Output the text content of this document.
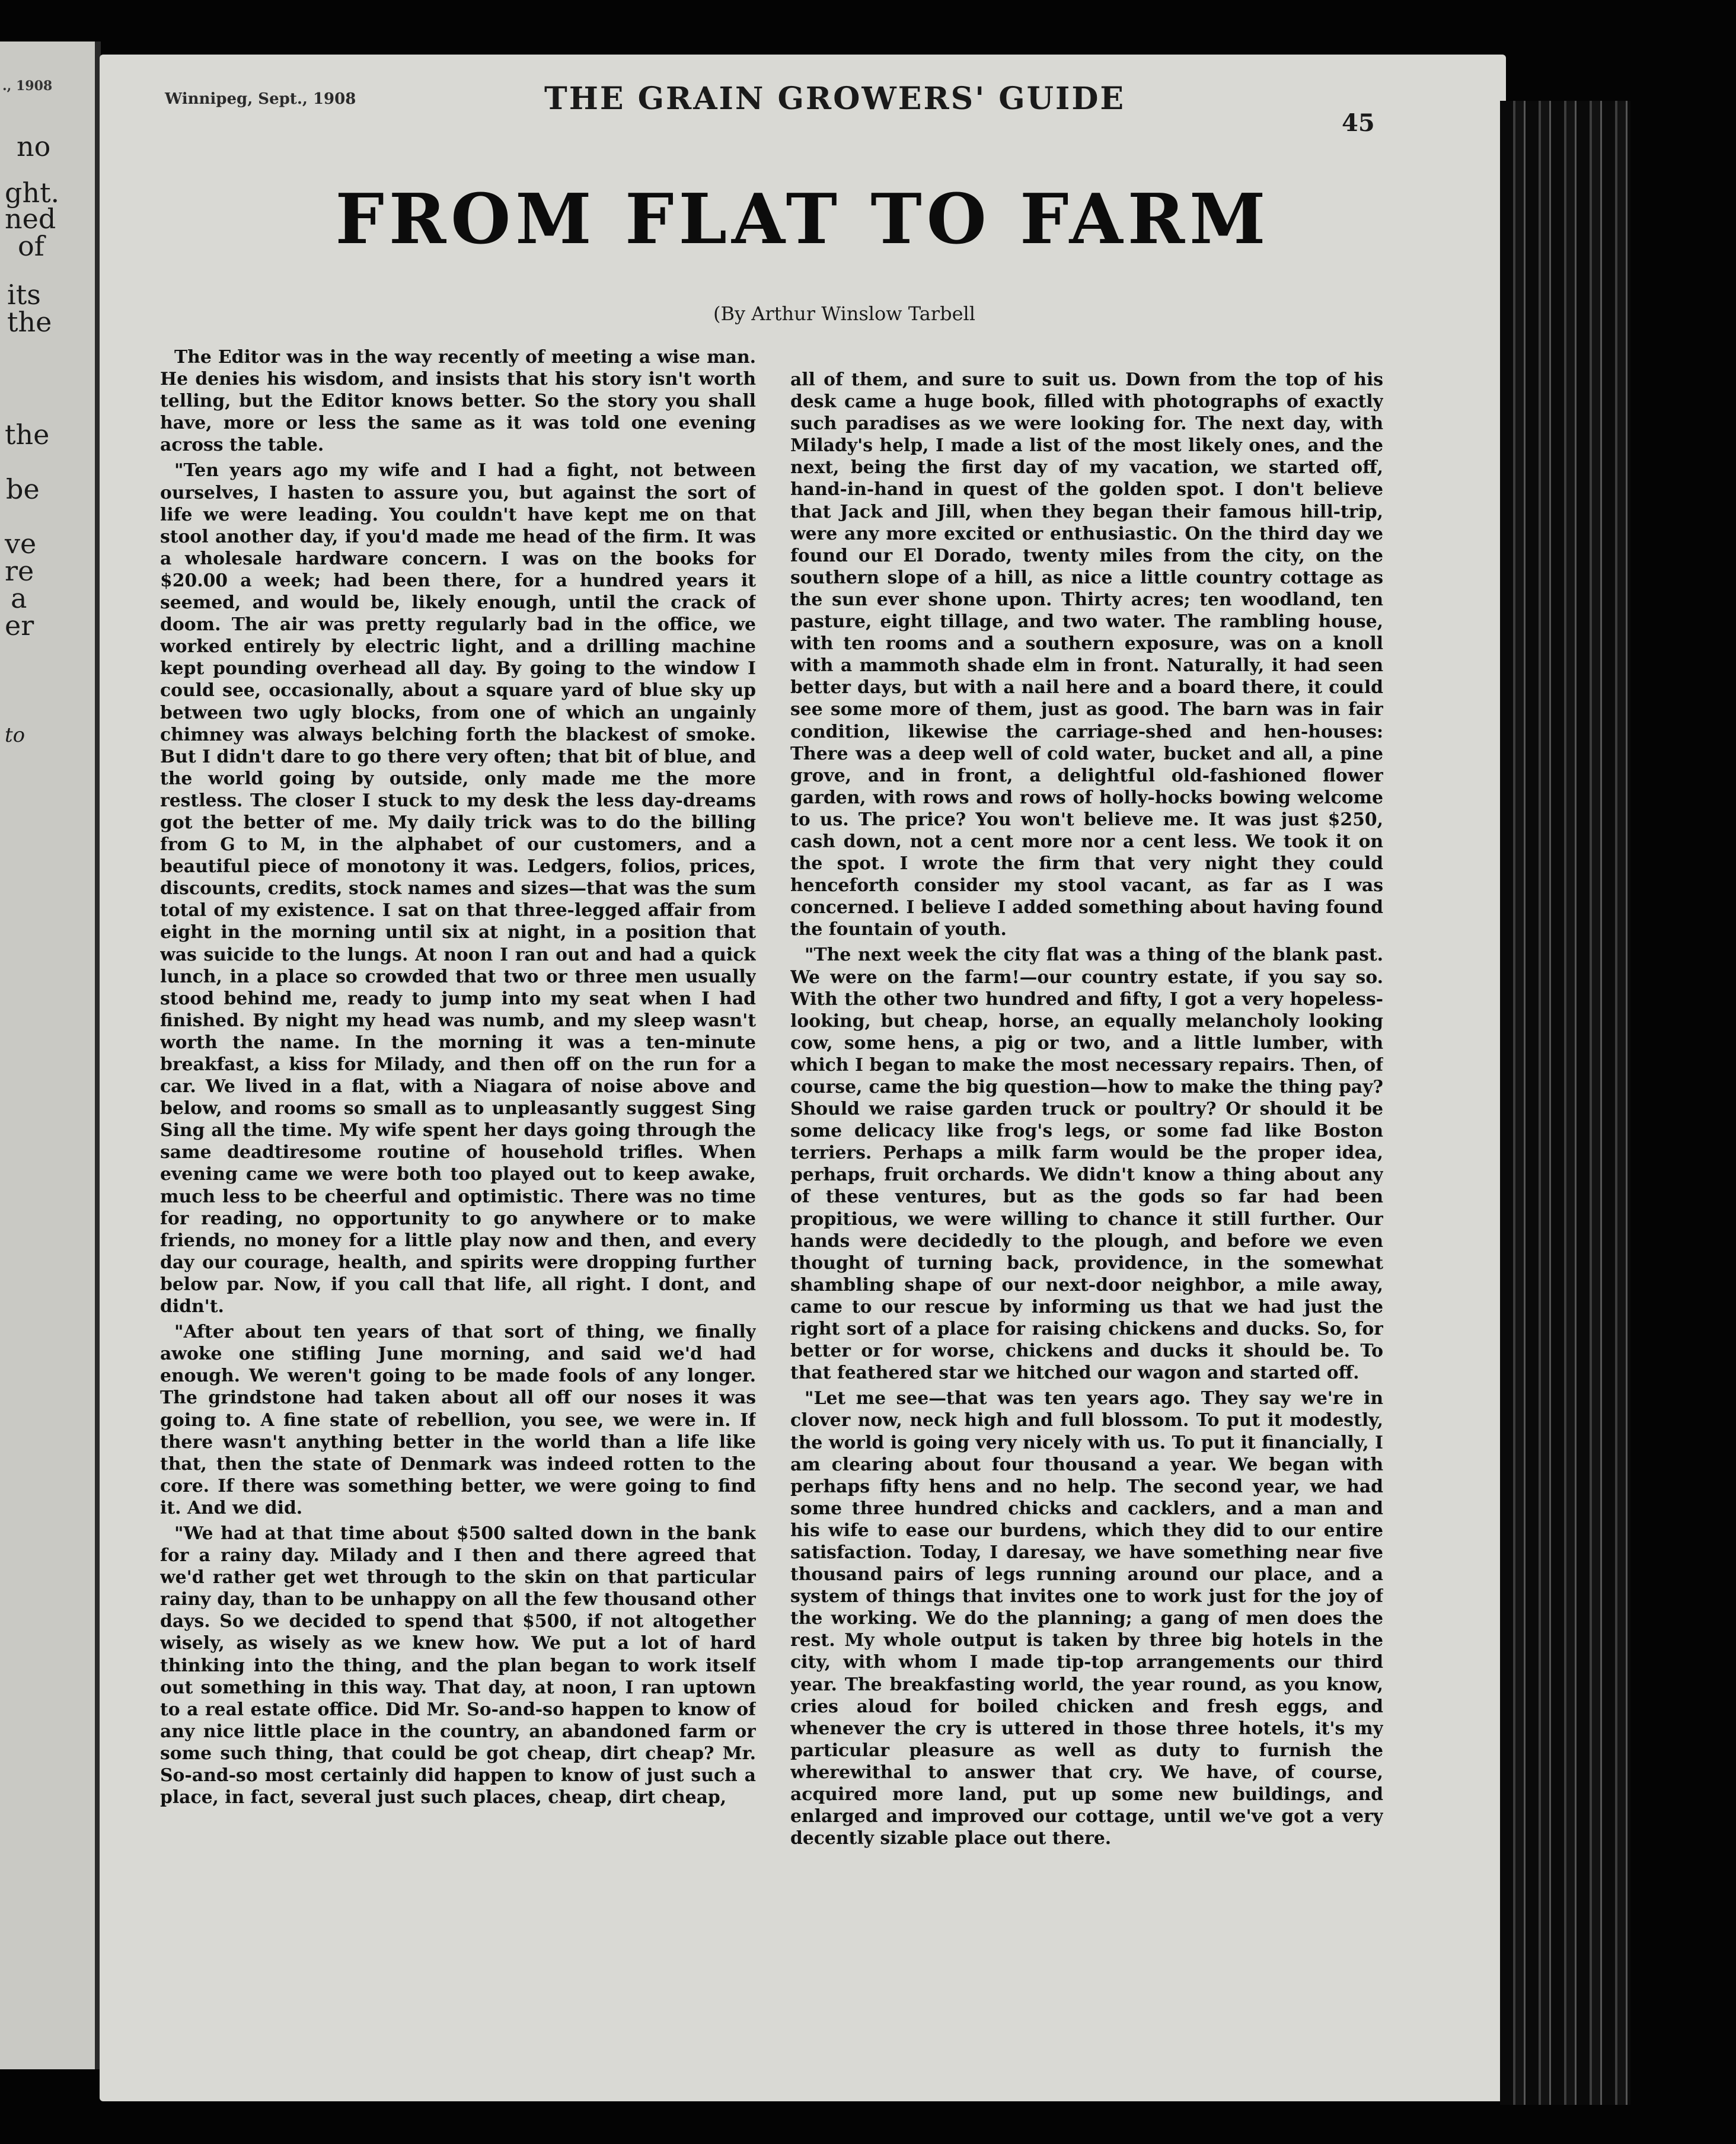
., 1908
no
ght.
ned
of
its
the
the
be
ve
re
a
er
to
Winnipeg, Sept., 1908	THE GRAIN GROWERS' GUIDE
45
FROM FLAT TO FARM
(By Arthur Winslow Tarbell

The Editor was in the way recently of meeting a wise man. He denies his wisdom, and insists that his story isn't worth telling, but the Editor knows better. So the story you shall have, more or less the same as it was told one evening across the table.

"Ten years ago my wife and I had a fight, not between ourselves, I hasten to assure you, but against the sort of life we were leading. You couldn't have kept me on that stool another day, if you'd made me head of the firm. It was a wholesale hardware concern. I was on the books for $20.00 a week; had been there, for a hundred years it seemed, and would be, likely enough, until the crack of doom. The air was pretty regularly bad in the office, we worked entirely by electric light, and a drilling machine kept pounding overhead all day. By going to the window I could see, occasionally, about a square yard of blue sky up between two ugly blocks, from one of which an ungainly chimney was always belching forth the blackest of smoke. But I didn't dare to go there very often; that bit of blue, and the world going by outside, only made me the more restless. The closer I stuck to my desk the less day-dreams got the better of me. My daily trick was to do the billing from G to M, in the alphabet of our customers, and a beautiful piece of monotony it was. Ledgers, folios, prices, discounts, credits, stock names and sizes—that was the sum total of my existence. I sat on that three-legged affair from eight in the morning until six at night, in a position that was suicide to the lungs. At noon I ran out and had a quick lunch, in a place so crowded that two or three men usually stood behind me, ready to jump into my seat when I had finished. By night my head was numb, and my sleep wasn't worth the name. In the morning it was a ten-minute breakfast, a kiss for Milady, and then off on the run for a car. We lived in a flat, with a Niagara of noise above and below, and rooms so small as to unpleasantly suggest Sing Sing all the time. My wife spent her days going through the same deadtiresome routine of household trifles. When evening came we were both too played out to keep awake, much less to be cheerful and optimistic. There was no time for reading, no opportunity to go anywhere or to make friends, no money for a little play now and then, and every day our courage, health, and spirits were dropping further below par. Now, if you call that life, all right. I dont, and didn't.

"After about ten years of that sort of thing, we finally awoke one stifling June morning, and said we'd had enough. We weren't going to be made fools of any longer. The grindstone had taken about all off our noses it was going to. A fine state of rebellion, you see, we were in. If there wasn't anything better in the world than a life like that, then the state of Denmark was indeed rotten to the core. If there was something better, we were going to find it. And we did.

"We had at that time about $500 salted down in the bank for a rainy day. Milady and I then and there agreed that we'd rather get wet through to the skin on that particular rainy day, than to be unhappy on all the few thousand other days. So we decided to spend that $500, if not altogether wisely, as wisely as we knew how. We put a lot of hard thinking into the thing, and the plan began to work itself out something in this way. That day, at noon, I ran uptown to a real estate office. Did Mr. So-and-so happen to know of any nice little place in the country, an abandoned farm or some such thing, that could be got cheap, dirt cheap? Mr. So-and-so most certainly did happen to know of just such a place, in fact, several just such places, cheap, dirt cheap,

all of them, and sure to suit us. Down from the top of his desk came a huge book, filled with photographs of exactly such paradises as we were looking for. The next day, with Milady's help, I made a list of the most likely ones, and the next, being the first day of my vacation, we started off, hand-in-hand in quest of the golden spot. I don't believe that Jack and Jill, when they began their famous hill-trip, were any more excited or enthusiastic. On the third day we found our El Dorado, twenty miles from the city, on the southern slope of a hill, as nice a little country cottage as the sun ever shone upon. Thirty acres; ten woodland, ten pasture, eight tillage, and two water. The rambling house, with ten rooms and a southern exposure, was on a knoll with a mammoth shade elm in front. Naturally, it had seen better days, but with a nail here and a board there, it could see some more of them, just as good. The barn was in fair condition, likewise the carriage-shed and hen-houses: There was a deep well of cold water, bucket and all, a pine grove, and in front, a delightful old-fashioned flower garden, with rows and rows of holly-hocks bowing welcome to us. The price? You won't believe me. It was just $250, cash down, not a cent more nor a cent less. We took it on the spot. I wrote the firm that very night they could henceforth consider my stool vacant, as far as I was concerned. I believe I added something about having found the fountain of youth.

"The next week the city flat was a thing of the blank past. We were on the farm!—our country estate, if you say so. With the other two hundred and fifty, I got a very hopeless-looking, but cheap, horse, an equally melancholy looking cow, some hens, a pig or two, and a little lumber, with which I began to make the most necessary repairs. Then, of course, came the big question—how to make the thing pay? Should we raise garden truck or poultry? Or should it be some delicacy like frog's legs, or some fad like Boston terriers. Perhaps a milk farm would be the proper idea, perhaps, fruit orchards. We didn't know a thing about any of these ventures, but as the gods so far had been propitious, we were willing to chance it still further. Our hands were decidedly to the plough, and before we even thought of turning back, providence, in the somewhat shambling shape of our next-door neighbor, a mile away, came to our rescue by informing us that we had just the right sort of a place for raising chickens and ducks. So, for better or for worse, chickens and ducks it should be. To that feathered star we hitched our wagon and started off.

"Let me see—that was ten years ago. They say we're in clover now, neck high and full blossom. To put it modestly, the world is going very nicely with us. To put it financially, I am clearing about four thousand a year. We began with perhaps fifty hens and no help. The second year, we had some three hundred chicks and cacklers, and a man and his wife to ease our burdens, which they did to our entire satisfaction. Today, I daresay, we have something near five thousand pairs of legs running around our place, and a system of things that invites one to work just for the joy of the working. We do the planning; a gang of men does the rest. My whole output is taken by three big hotels in the city, with whom I made tip-top arrangements our third year. The breakfasting world, the year round, as you know, cries aloud for boiled chicken and fresh eggs, and whenever the cry is uttered in those three hotels, it's my particular pleasure as well as duty to furnish the wherewithal to answer that cry. We have, of course, acquired more land, put up some new buildings, and enlarged and improved our cottage, until we've got a very decently sizable place out there.
